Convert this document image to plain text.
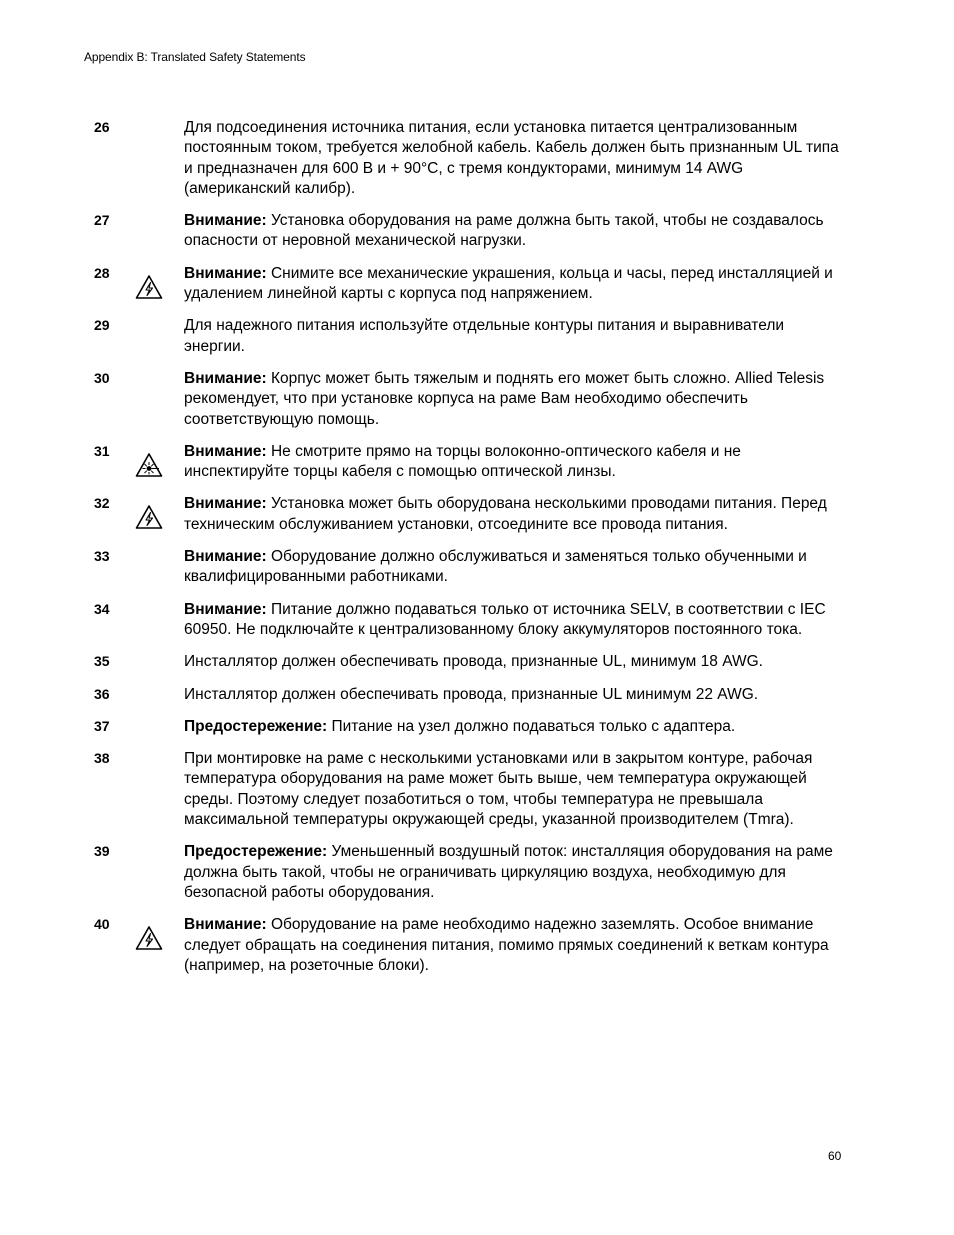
Appendix B: Translated Safety Statements
26	Для подсоединения источника питания, если установка питается централизованным постоянным током, требуется желобной кабель. Кабель должен быть признанным UL типа и предназначен для 600 В и + 90°C, с тремя кондукторами, минимум 14 AWG (американский калибр).
27	Внимание: Установка оборудования на раме должна быть такой, чтобы не создавалось опасности от неровной механической нагрузки.
28	Внимание: Снимите все механические украшения, кольца и часы, перед инсталляцией и удалением линейной карты с корпуса под напряжением.
29	Для надежного питания используйте отдельные контуры питания и выравниватели энергии.
30	Внимание: Корпус может быть тяжелым и поднять его может быть сложно. Allied Telesis рекомендует, что при установке корпуса на раме Вам необходимо обеспечить соответствующую помощь.
31	Внимание: Не смотрите прямо на торцы волоконно-оптического кабеля и не инспектируйте торцы кабеля с помощью оптической линзы.
32	Внимание: Установка может быть оборудована несколькими проводами питания. Перед техническим обслуживанием установки, отсоедините все провода питания.
33	Внимание: Оборудование должно обслуживаться и заменяться только обученными и квалифицированными работниками.
34	Внимание: Питание должно подаваться только от источника SELV, в соответствии с IEC 60950. Не подключайте к централизованному блоку аккумуляторов постоянного тока.
35	Инсталлятор должен обеспечивать провода, признанные UL, минимум 18 AWG.
36	Инсталлятор должен обеспечивать провода, признанные UL минимум 22 AWG.
37	Предостережение: Питание на узел должно подаваться только с адаптера.
38	При монтировке на раме с несколькими установками или в закрытом контуре, рабочая температура оборудования на раме может быть выше, чем температура окружающей среды. Поэтому следует позаботиться о том, чтобы температура не превышала максимальной температуры окружающей среды, указанной производителем (Tmra).
39	Предостережение: Уменьшенный воздушный поток: инсталляция оборудования на раме должна быть такой, чтобы не ограничивать циркуляцию воздуха, необходимую для безопасной работы оборудования.
40	Внимание: Оборудование на раме необходимо надежно заземлять. Особое внимание следует обращать на соединения питания, помимо прямых соединений к веткам контура (например, на розеточные блоки).
60
